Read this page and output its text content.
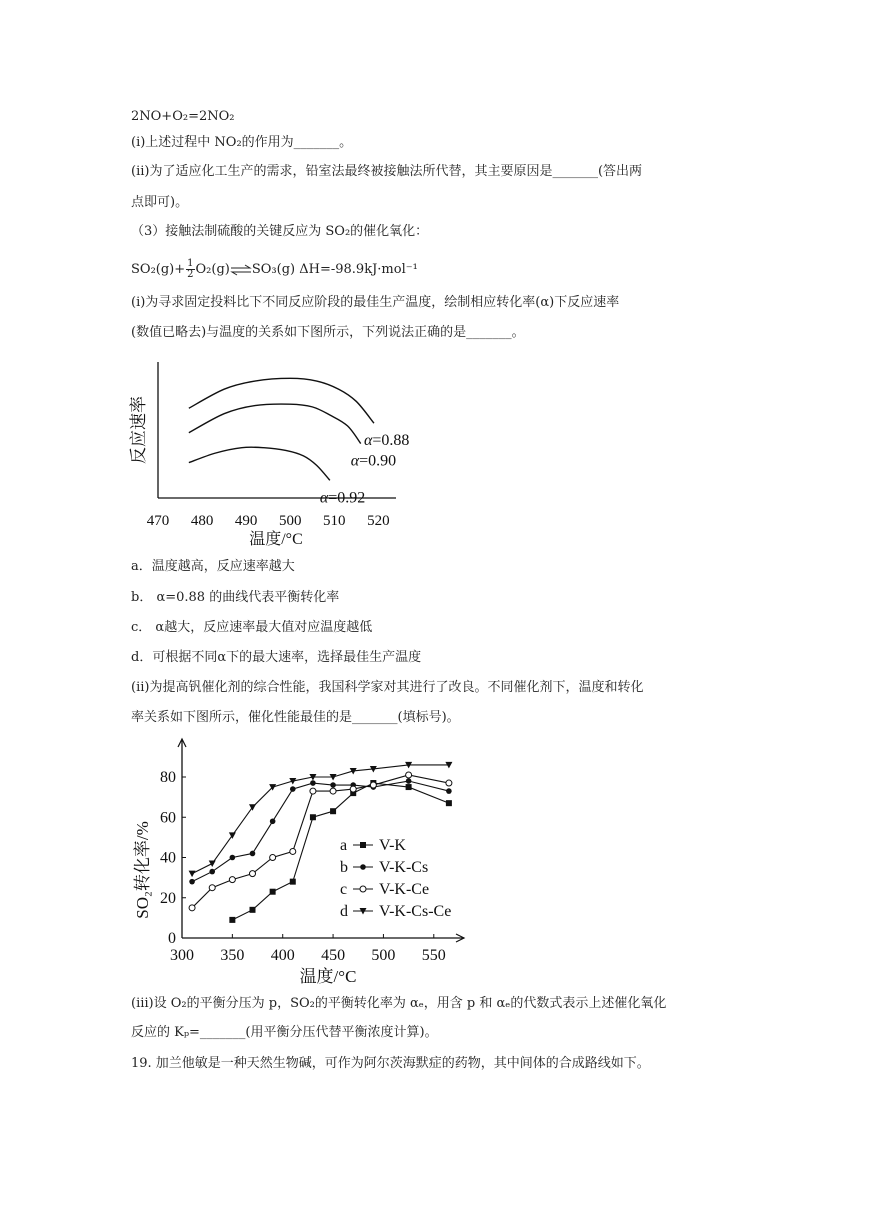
2NO+O₂=2NO₂
(ⅰ)上述过程中 NO₂的作用为_______。
(ⅱ)为了适应化工生产的需求，铅室法最终被接触法所代替，其主要原因是_______(答出两
点即可)。
（3）接触法制硫酸的关键反应为 SO₂的催化氧化：
$SO_2(g)+ \frac{1}{2}$ O₂(g)⇌SO₃(g) ΔH=-98.9kJ·mol⁻¹
(ⅰ)为寻求固定投料比下不同反应阶段的最佳生产温度，绘制相应转化率(α)下反应速率
(数值已略去)与温度的关系如下图所示，下列说法正确的是_______。
α=0.88
α=0.90
α=0.92
470 480 490 500 510 520
反应速率
温度/°C
a．温度越高，反应速率越大
b． α=0.88 的曲线代表平衡转化率
c． α越大，反应速率最大值对应温度越低
d．可根据不同α下的最大速率，选择最佳生产温度
(ⅱ)为提高钒催化剂的综合性能，我国科学家对其进行了改良。不同催化剂下，温度和转化
率关系如下图所示，催化性能最佳的是_______(填标号)。
300 350 400 450 500 550
0
20
40
60
80
a V-K
b V-K-Cs
c V-K-Ce
d V-K-Cs-Ce
SO₂转化率/%
温度/°C
(ⅲ)设 O₂的平衡分压为 p，SO₂的平衡转化率为 αₑ，用含 p 和 αₑ的代数式表示上述催化氧化
反应的 Kₚ=_______(用平衡分压代替平衡浓度计算)。
19. 加兰他敏是一种天然生物碱，可作为阿尔茨海默症的药物，其中间体的合成路线如下。
